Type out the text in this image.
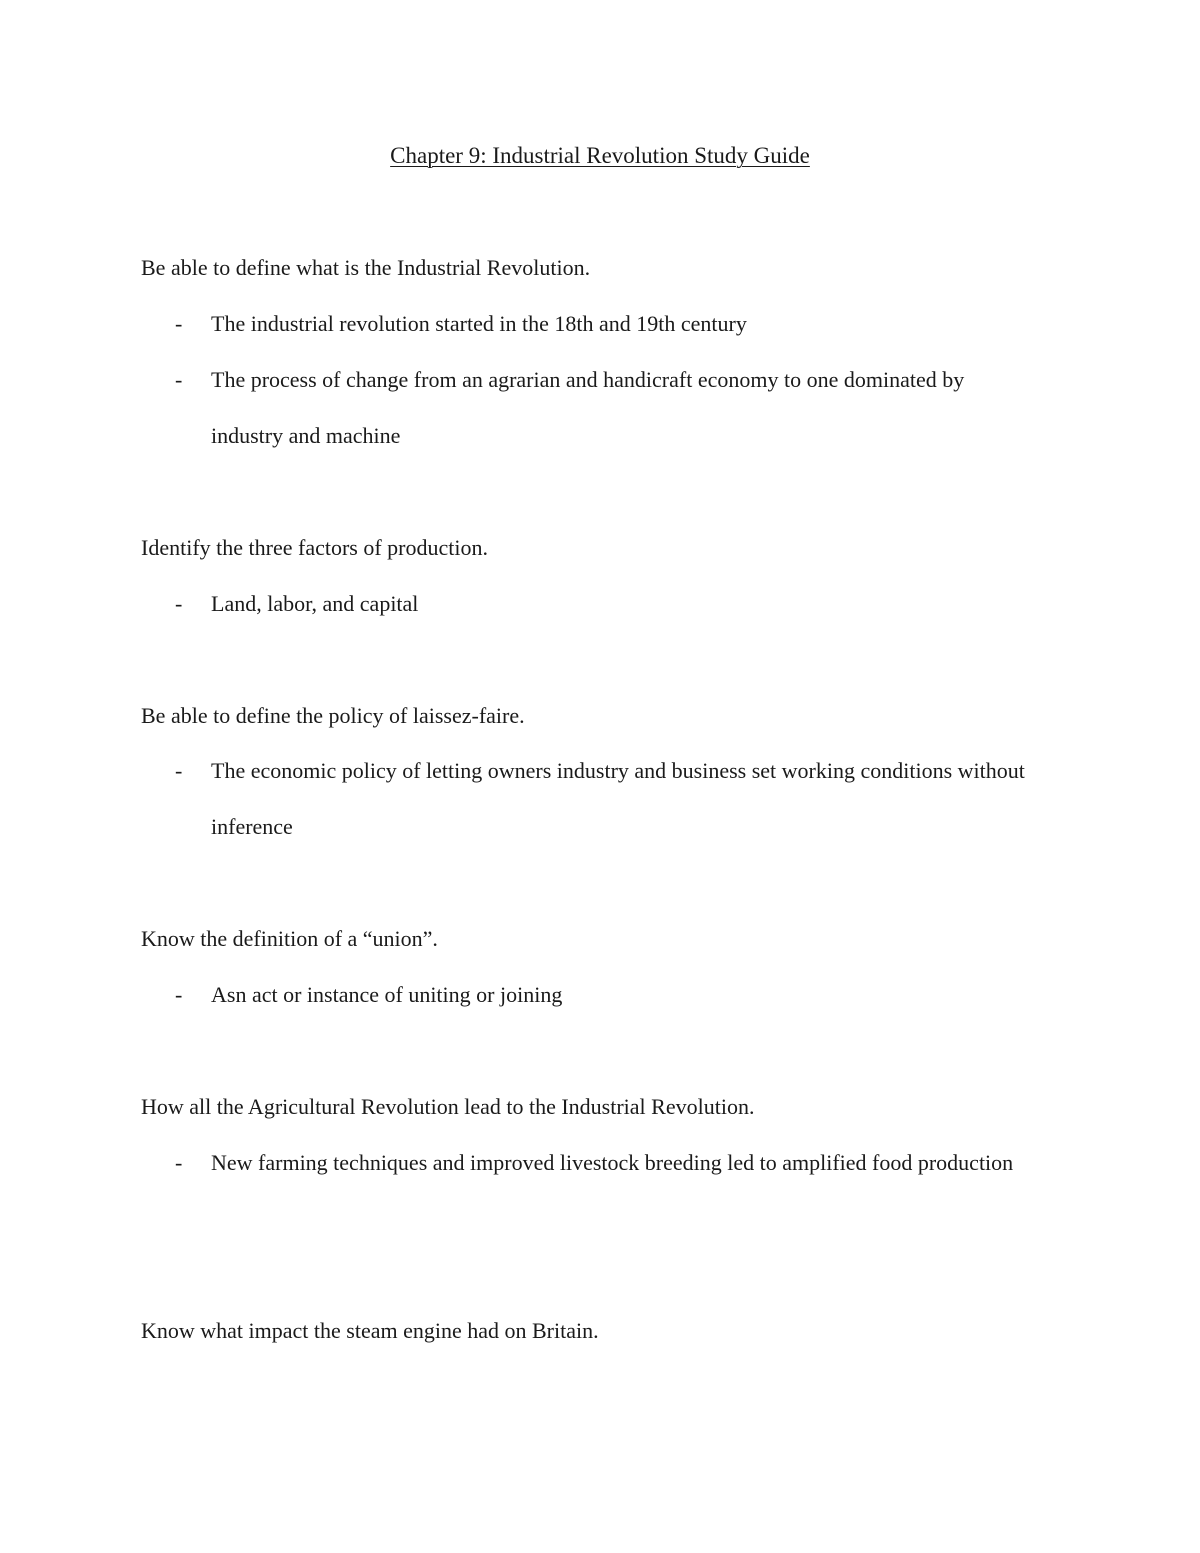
Chapter 9: Industrial Revolution Study Guide
Be able to define what is the Industrial Revolution.
- The industrial revolution started in the 18th and 19th century
- The process of change from an agrarian and handicraft economy to one dominated by industry and machine
Identify the three factors of production.
- Land, labor, and capital
Be able to define the policy of laissez-faire.
- The economic policy of letting owners industry and business set working conditions without inference
Know the definition of a “union”.
- Asn act or instance of uniting or joining
How all the Agricultural Revolution lead to the Industrial Revolution.
- New farming techniques and improved livestock breeding led to amplified food production
Know what impact the steam engine had on Britain.
